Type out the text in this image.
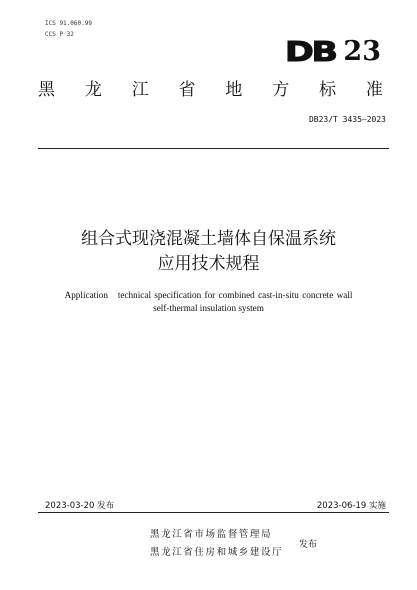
ICS 91.060.99
CCS P 32
DB 23
黑 龙 江 省 地 方 标 准
DB23/T 3435—2023
组合式现浇混凝土墙体自保温系统
应用技术规程
Application   technical specification for combined cast-in-situ concrete wall
self-thermal insulation system
2023-03-20 发布	2023-06-19 实施
黑龙江省市场监督管理局
黑龙江省住房和城乡建设厅
发布
